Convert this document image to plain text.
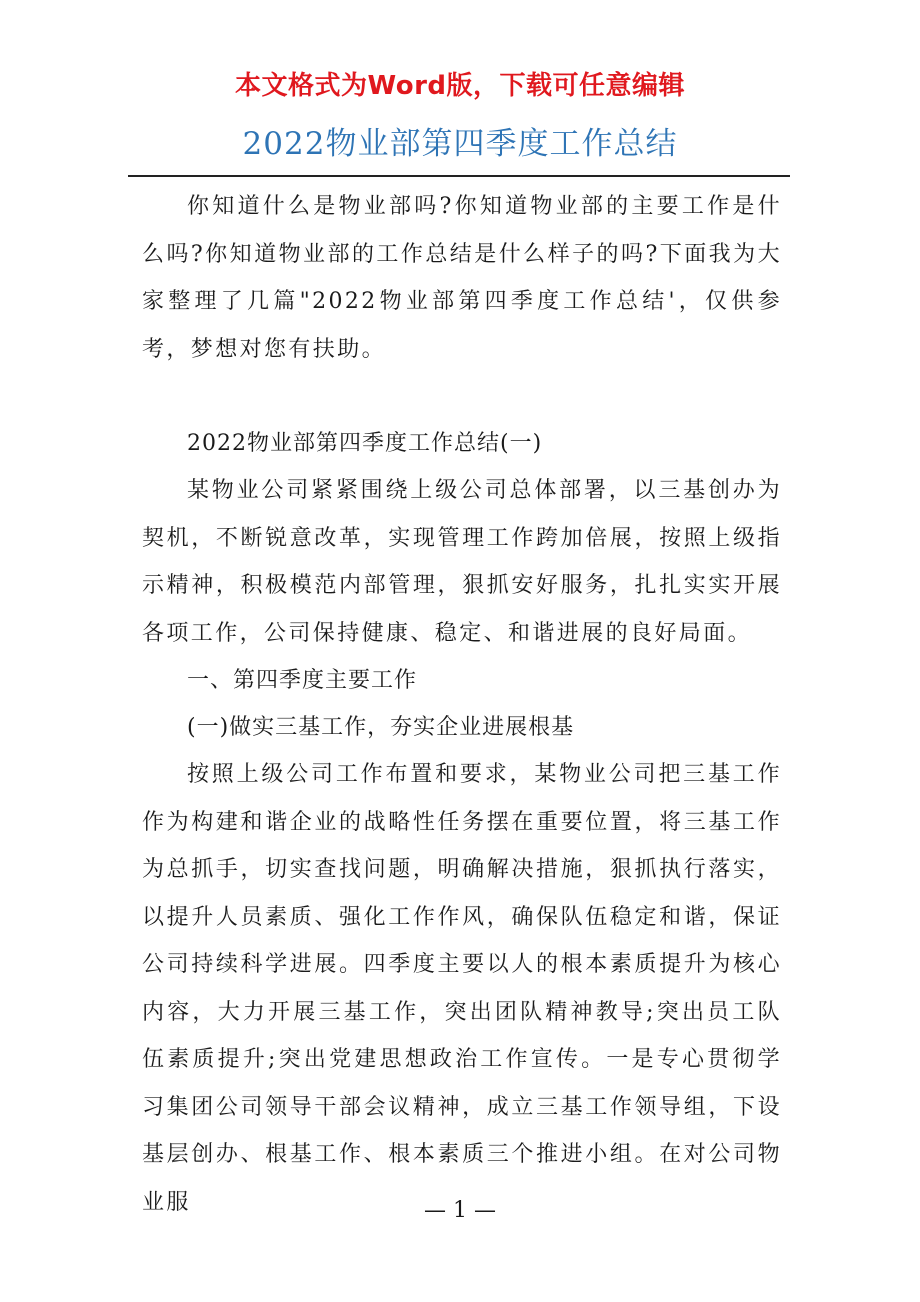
本文格式为Word版，下载可任意编辑
2022物业部第四季度工作总结

你知道什么是物业部吗?你知道物业部的主要工作是什么吗?你知道物业部的工作总结是什么样子的吗?下面我为大家整理了几篇"2022物业部第四季度工作总结'，仅供参考，梦想对您有扶助。

2022物业部第四季度工作总结(一)

某物业公司紧紧围绕上级公司总体部署，以三基创办为契机，不断锐意改革，实现管理工作跨加倍展，按照上级指示精神，积极模范内部管理，狠抓安好服务，扎扎实实开展各项工作，公司保持健康、稳定、和谐进展的良好局面。

一、第四季度主要工作

(一)做实三基工作，夯实企业进展根基

按照上级公司工作布置和要求，某物业公司把三基工作作为构建和谐企业的战略性任务摆在重要位置，将三基工作为总抓手，切实查找问题，明确解决措施，狠抓执行落实，以提升人员素质、强化工作作风，确保队伍稳定和谐，保证公司持续科学进展。四季度主要以人的根本素质提升为核心内容，大力开展三基工作，突出团队精神教导;突出员工队伍素质提升;突出党建思想政治工作宣传。一是专心贯彻学习集团公司领导干部会议精神，成立三基工作领导组，下设基层创办、根基工作、根本素质三个推进小组。在对公司物业服	— 1 —
